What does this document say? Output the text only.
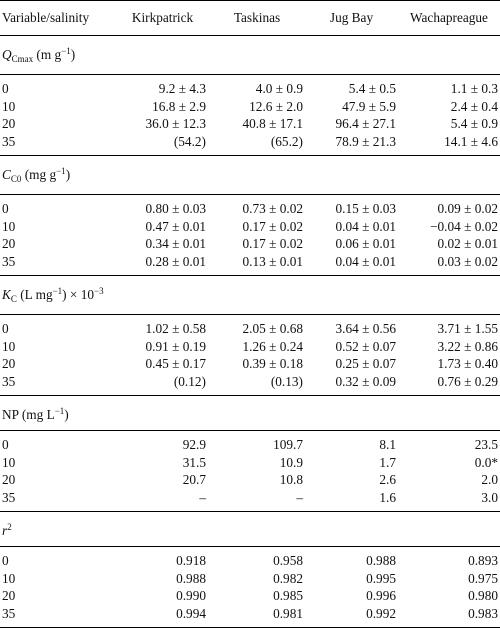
Variable/salinity	Kirkpatrick	Taskinas	Jug Bay	Wachapreague
$Q_{Cmax}$ (m $g^{-1}$)				

0	9.2 ± 4.3	4.0 ± 0.9	5.4 ± 0.5	1.1 ± 0.3
10	16.8 ± 2.9	12.6 ± 2.0	47.9 ± 5.9	2.4 ± 0.4
20	36.0 ± 12.3	40.8 ± 17.1	96.4 ± 27.1	5.4 ± 0.9
35	(54.2)	(65.2)	78.9 ± 21.3	14.1 ± 4.6

$C_{C0}$ (mg $g^{-1}$)				

0	0.80 ± 0.03	0.73 ± 0.02	0.15 ± 0.03	0.09 ± 0.02
10	0.47 ± 0.01	0.17 ± 0.02	0.04 ± 0.01	−0.04 ± 0.02
20	0.34 ± 0.01	0.17 ± 0.02	0.06 ± 0.01	0.02 ± 0.01
35	0.28 ± 0.01	0.13 ± 0.01	0.04 ± 0.01	0.03 ± 0.02

$K_C$ (L $mg^{-1}) \times 10^{-3}$

0	1.02 ± 0.58	2.05 ± 0.68	3.64 ± 0.56	3.71 ± 1.55
10	0.91 ± 0.19	1.26 ± 0.24	0.52 ± 0.07	3.22 ± 0.86
20	0.45 ± 0.17	0.39 ± 0.18	0.25 ± 0.07	1.73 ± 0.40
35	(0.12)	(0.13)	0.32 ± 0.09	0.76 ± 0.29

NP (mg $L^{-1}$)				

0	92.9	109.7	8.1	23.5
10	31.5	10.9	1.7	0.0*
20	20.7	10.8	2.6	2.0
35	–	–	1.6	3.0

$r^2$

0	0.918	0.958	0.988	0.893
10	0.988	0.982	0.995	0.975
20	0.990	0.985	0.996	0.980
35	0.994	0.981	0.992	0.983
